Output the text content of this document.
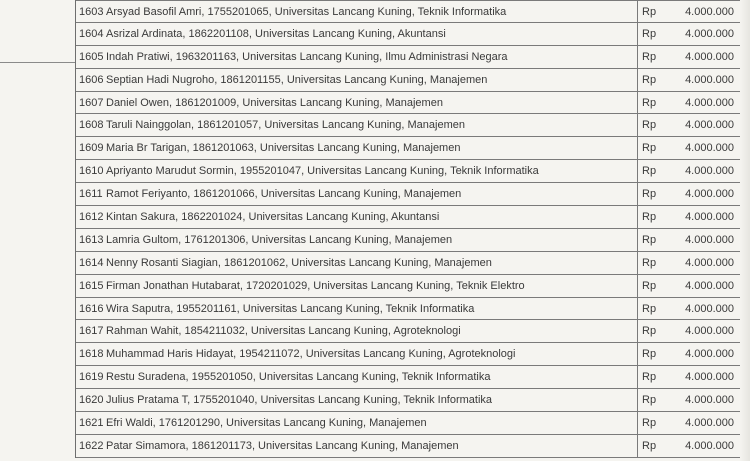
1603 Arsyad Basofil Amri, 1755201065, Universitas Lancang Kuning, Teknik Informatika	Rp	4.000.000
1604 Asrizal Ardinata, 1862201108, Universitas Lancang Kuning, Akuntansi	Rp	4.000.000
1605 Indah Pratiwi, 1963201163, Universitas Lancang Kuning, Ilmu Administrasi Negara	Rp	4.000.000
1606 Septian Hadi Nugroho, 1861201155, Universitas Lancang Kuning, Manajemen	Rp	4.000.000
1607 Daniel Owen, 1861201009, Universitas Lancang Kuning, Manajemen	Rp	4.000.000
1608 Taruli Nainggolan, 1861201057, Universitas Lancang Kuning, Manajemen	Rp	4.000.000
1609 Maria Br Tarigan, 1861201063, Universitas Lancang Kuning, Manajemen	Rp	4.000.000
1610 Apriyanto Marudut Sormin, 1955201047, Universitas Lancang Kuning, Teknik Informatika	Rp	4.000.000
1611 Ramot Feriyanto, 1861201066, Universitas Lancang Kuning, Manajemen	Rp	4.000.000
1612 Kintan Sakura, 1862201024, Universitas Lancang Kuning, Akuntansi	Rp	4.000.000
1613 Lamria Gultom, 1761201306, Universitas Lancang Kuning, Manajemen	Rp	4.000.000
1614 Nenny Rosanti Siagian, 1861201062, Universitas Lancang Kuning, Manajemen	Rp	4.000.000
1615 Firman Jonathan Hutabarat, 1720201029, Universitas Lancang Kuning, Teknik Elektro	Rp	4.000.000
1616 Wira Saputra, 1955201161, Universitas Lancang Kuning, Teknik Informatika	Rp	4.000.000
1617 Rahman Wahit, 1854211032, Universitas Lancang Kuning, Agroteknologi	Rp	4.000.000
1618 Muhammad Haris Hidayat, 1954211072, Universitas Lancang Kuning, Agroteknologi	Rp	4.000.000
1619 Restu Suradena, 1955201050, Universitas Lancang Kuning, Teknik Informatika	Rp	4.000.000
1620 Julius Pratama T, 1755201040, Universitas Lancang Kuning, Teknik Informatika	Rp	4.000.000
1621 Efri Waldi, 1761201290, Universitas Lancang Kuning, Manajemen	Rp	4.000.000
1622 Patar Simamora, 1861201173, Universitas Lancang Kuning, Manajemen	Rp	4.000.000
